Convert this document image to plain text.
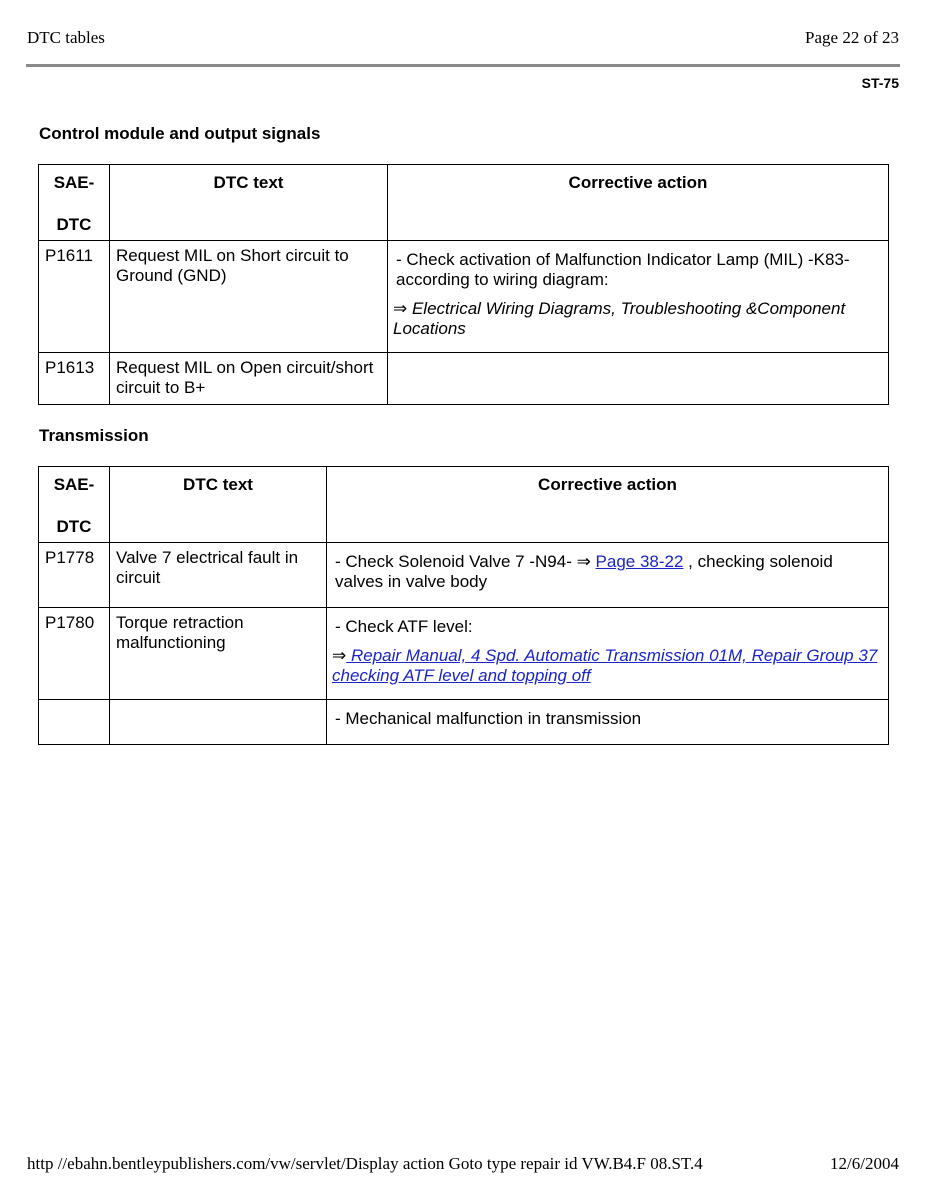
DTC tables	Page 22 of 23
ST-75
Control module and output signals
SAE-
DTC	DTC text	Corrective action

P1611	Request MIL on Short circuit to Ground (GND)	- Check activation of Malfunction Indicator Lamp (MIL) -K83- according to wiring diagram:
⇒ Electrical Wiring Diagrams, Troubleshooting &Component Locations

P1613	Request MIL on Open circuit/short circuit to B+	

Transmission
SAE-
DTC	DTC text	Corrective action

P1778	Valve 7 electrical fault in circuit	- Check Solenoid Valve 7 -N94- ⇒ Page 38-22 , checking solenoid valves in valve body

P1780	Torque retraction malfunctioning	- Check ATF level:
⇒ Repair Manual, 4 Spd. Automatic Transmission 01M, Repair Group 37 checking ATF level and topping off

		- Mechanical malfunction in transmission
http //ebahn.bentleypublishers.com/vw/servlet/Display action Goto type repair id VW.B4.F 08.ST.4	12/6/2004
